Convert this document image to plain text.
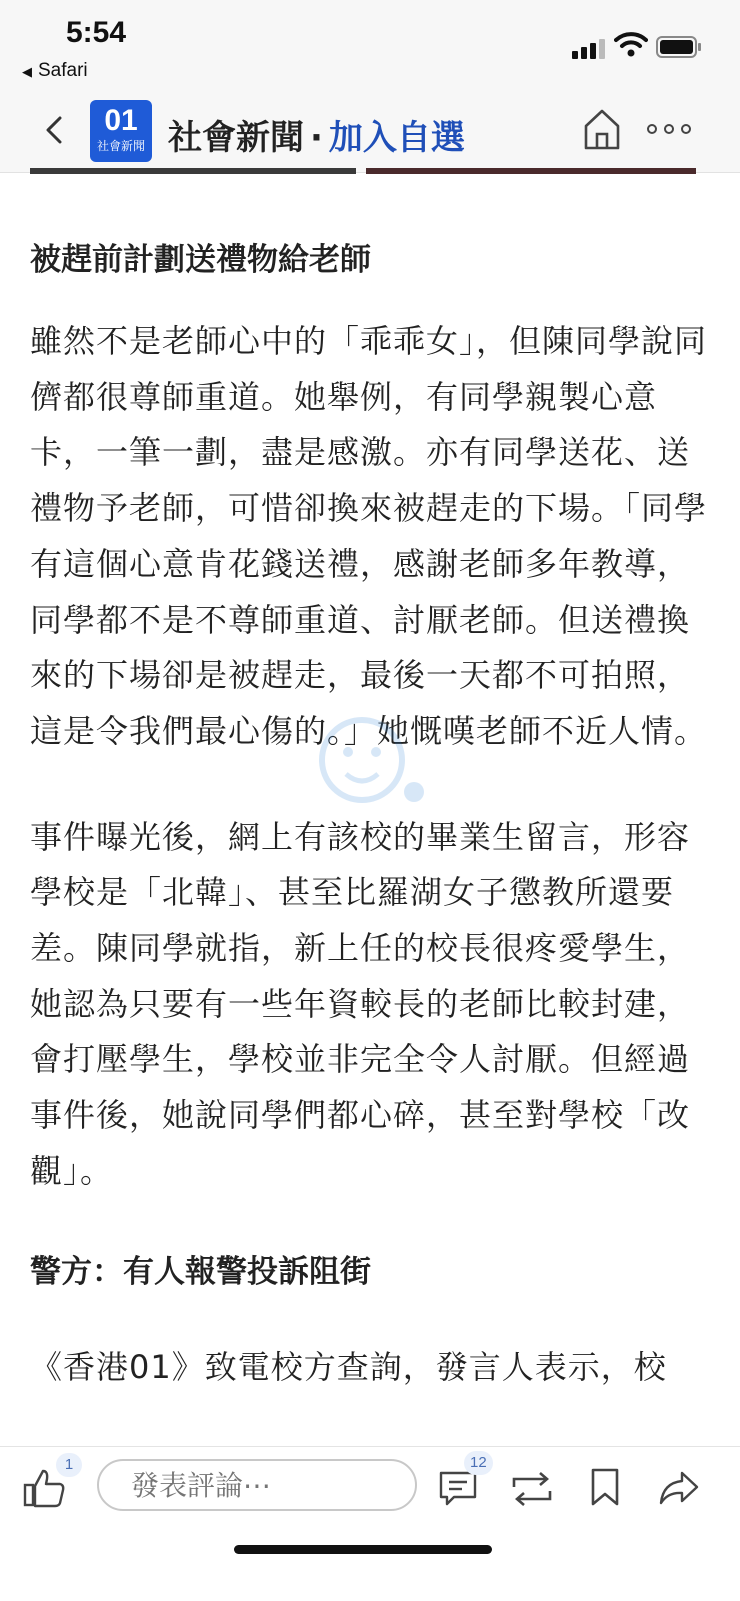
5:54
◀ Safari
01
社會新聞 社會新聞 · 加入自選
被趕前計劃送禮物給老師

雖然不是老師心中的「乖乖女」，但陳同學說同儕都很尊師重道。她舉例，有同學親製心意卡，一筆一劃，盡是感激。亦有同學送花、送禮物予老師，可惜卻換來被趕走的下場。「同學有這個心意肯花錢送禮，感謝老師多年教導，同學都不是不尊師重道、討厭老師。但送禮換來的下場卻是被趕走，最後一天都不可拍照，這是令我們最心傷的。」她慨嘆老師不近人情。

事件曝光後，網上有該校的畢業生留言，形容學校是「北韓」、甚至比羅湖女子懲教所還要差。陳同學就指，新上任的校長很疼愛學生，她認為只要有一些年資較長的老師比較封建，會打壓學生，學校並非完全令人討厭。但經過事件後，她說同學們都心碎，甚至對學校「改觀」。

警方：有人報警投訴阻街

《香港01》致電校方查詢，發言人表示，校

1
發表評論⋯	12
